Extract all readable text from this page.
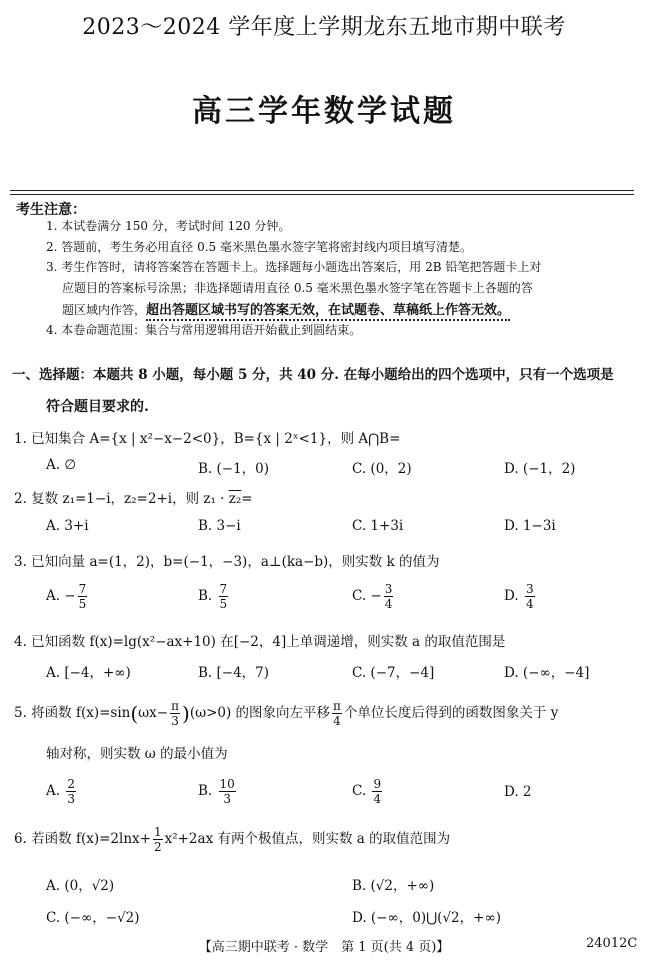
2023～2024 学年度上学期龙东五地市期中联考
高三学年数学试题
考生注意：
1. 本试卷满分 150 分，考试时间 120 分钟。
2. 答题前，考生务必用直径 0.5 毫米黑色墨水签字笔将密封线内项目填写清楚。
3. 考生作答时，请将答案答在答题卡上。选择题每小题选出答案后，用 2B 铅笔把答题卡上对
应题目的答案标号涂黑；非选择题请用直径 0.5 毫米黑色墨水签字笔在答题卡上各题的答
题区域内作答，超出答题区域书写的答案无效，在试题卷、草稿纸上作答无效。
4. 本卷命题范围：集合与常用逻辑用语开始截止到圆结束。
一、选择题：本题共 8 小题，每小题 5 分，共 40 分. 在每小题给出的四个选项中，只有一个选项是
符合题目要求的.
1. 已知集合 A={x | x²−x−2<0}，B={x | 2ˣ<1}，则 A⋂B=
A. ∅	B. (−1，0)	C. (0，2)	D. (−1，2)
2. 复数 z₁=1−i，z₂=2+i，则 z₁ · z₂=
A. 3+i	B. 3−i	C. 1+3i	D. 1−3i
3. 已知向量 a=(1，2)，b=(−1，−3)，a⊥(ka−b)，则实数 k 的值为
A. − $\frac{7}{5}$	B. $\frac{7}{5}$	C. − $\frac{3}{4}$	D. $\frac{3}{4}$
4. 已知函数 f(x)=lg(x²−ax+10) 在[−2，4]上单调递增，则实数 a 的取值范围是
A. [−4，+∞)	B. [−4，7)	C. (−7，−4]	D. (−∞，−4]
5. 将函数 $f(x)=\sin(\omega x- \frac{\pi}{3} )(\omega>0)$ 的图象向左平移 $\frac{\pi}{4}$ 个单位长度后得到的函数图象关于 y
轴对称，则实数 ω 的最小值为
A. $\frac{2}{3}$	B. $\frac{10}{3}$	C. $\frac{9}{4}$	D. 2
6. 若函数 $f(x)=2\ln x+ \frac{1}{2} x^2+2ax$ 有两个极值点，则实数 a 的取值范围为
A. (0，√2)	B. (√2，+∞)
C. (−∞，−√2)	D. (−∞，0)⋃(√2，+∞)
【高三期中联考 · 数学　第 1 页(共 4 页)】	24012C
